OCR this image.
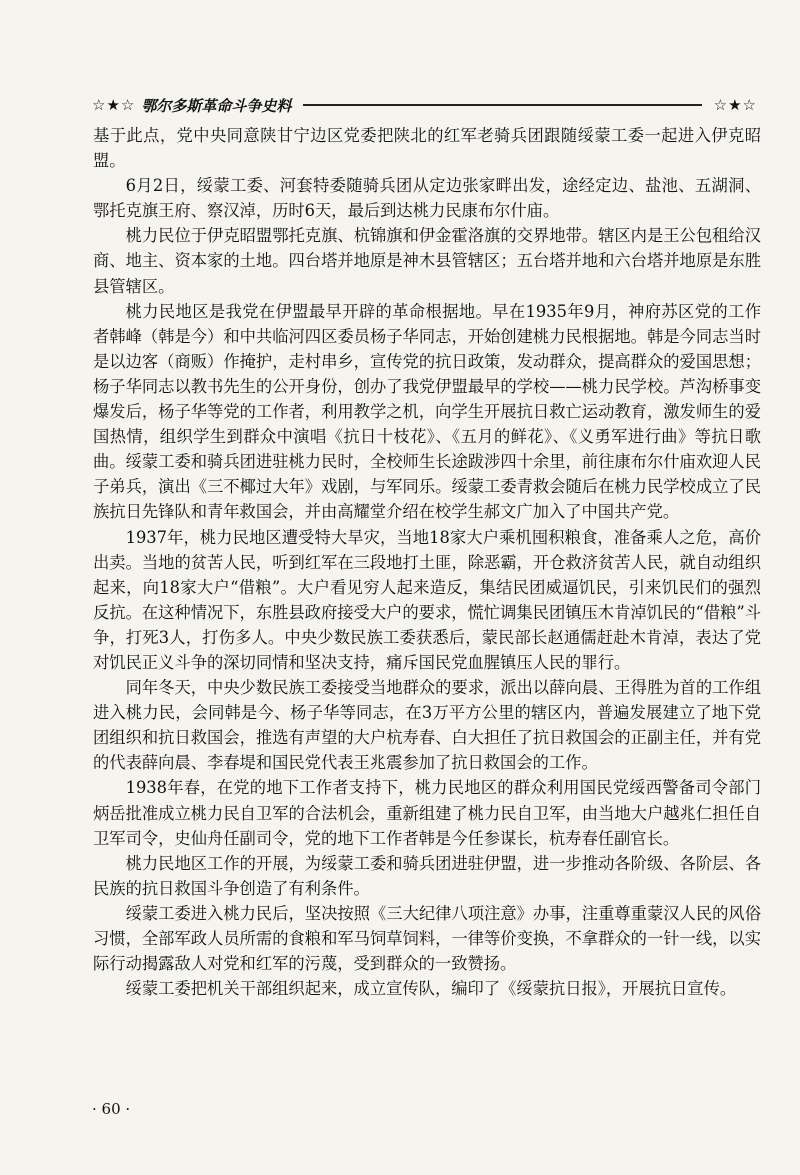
☆★☆ 鄂尔多斯革命斗争史料	☆★☆

基于此点，党中央同意陕甘宁边区党委把陕北的红军老骑兵团跟随绥蒙工委一起进入伊克昭盟。

6月2日，绥蒙工委、河套特委随骑兵团从定边张家畔出发，途经定边、盐池、五湖洞、鄂托克旗王府、察汉淖，历时6天，最后到达桃力民康布尔什庙。

桃力民位于伊克昭盟鄂托克旗、杭锦旗和伊金霍洛旗的交界地带。辖区内是王公包租给汉商、地主、资本家的土地。四台塔并地原是神木县管辖区；五台塔并地和六台塔并地原是东胜县管辖区。

桃力民地区是我党在伊盟最早开辟的革命根据地。早在1935年9月，神府苏区党的工作者韩峰（韩是今）和中共临河四区委员杨子华同志，开始创建桃力民根据地。韩是今同志当时是以边客（商贩）作掩护，走村串乡，宣传党的抗日政策，发动群众，提高群众的爱国思想；杨子华同志以教书先生的公开身份，创办了我党伊盟最早的学校——桃力民学校。芦沟桥事变爆发后，杨子华等党的工作者，利用教学之机，向学生开展抗日救亡运动教育，激发师生的爱国热情，组织学生到群众中演唱《抗日十枝花》、《五月的鲜花》、《义勇军进行曲》等抗日歌曲。绥蒙工委和骑兵团进驻桃力民时，全校师生长途跋涉四十余里，前往康布尔什庙欢迎人民子弟兵，演出《三不椰过大年》戏剧，与军同乐。绥蒙工委青救会随后在桃力民学校成立了民族抗日先锋队和青年救国会，并由高耀堂介绍在校学生郝文广加入了中国共产党。

1937年，桃力民地区遭受特大旱灾，当地18家大户乘机囤积粮食，准备乘人之危，高价出卖。当地的贫苦人民，听到红军在三段地打土匪，除恶霸，开仓救济贫苦人民，就自动组织起来，向18家大户“借粮”。大户看见穷人起来造反，集结民团威逼饥民，引来饥民们的强烈反抗。在这种情况下，东胜县政府接受大户的要求，慌忙调集民团镇压木肯淖饥民的“借粮”斗争，打死3人，打伤多人。中央少数民族工委获悉后，蒙民部长赵通儒赶赴木肯淖，表达了党对饥民正义斗争的深切同情和坚决支持，痛斥国民党血腥镇压人民的罪行。

同年冬天，中央少数民族工委接受当地群众的要求，派出以薛向晨、王得胜为首的工作组进入桃力民，会同韩是今、杨子华等同志，在3万平方公里的辖区内，普遍发展建立了地下党团组织和抗日救国会，推选有声望的大户杭寿春、白大担任了抗日救国会的正副主任，并有党的代表薛向晨、李春堤和国民党代表王兆震参加了抗日救国会的工作。

1938年春，在党的地下工作者支持下，桃力民地区的群众利用国民党绥西警备司令部门炳岳批准成立桃力民自卫军的合法机会，重新组建了桃力民自卫军，由当地大户越兆仁担任自卫军司令，史仙舟任副司令，党的地下工作者韩是今任参谋长，杭寿春任副官长。

桃力民地区工作的开展，为绥蒙工委和骑兵团进驻伊盟，进一步推动各阶级、各阶层、各民族的抗日救国斗争创造了有利条件。

绥蒙工委进入桃力民后，坚决按照《三大纪律八项注意》办事，注重尊重蒙汉人民的风俗习惯，全部军政人员所需的食粮和军马饲草饲料，一律等价变换，不拿群众的一针一线，以实际行动揭露敌人对党和红军的污蔑，受到群众的一致赞扬。

绥蒙工委把机关干部组织起来，成立宣传队，编印了《绥蒙抗日报》，开展抗日宣传。

· 60 ·
